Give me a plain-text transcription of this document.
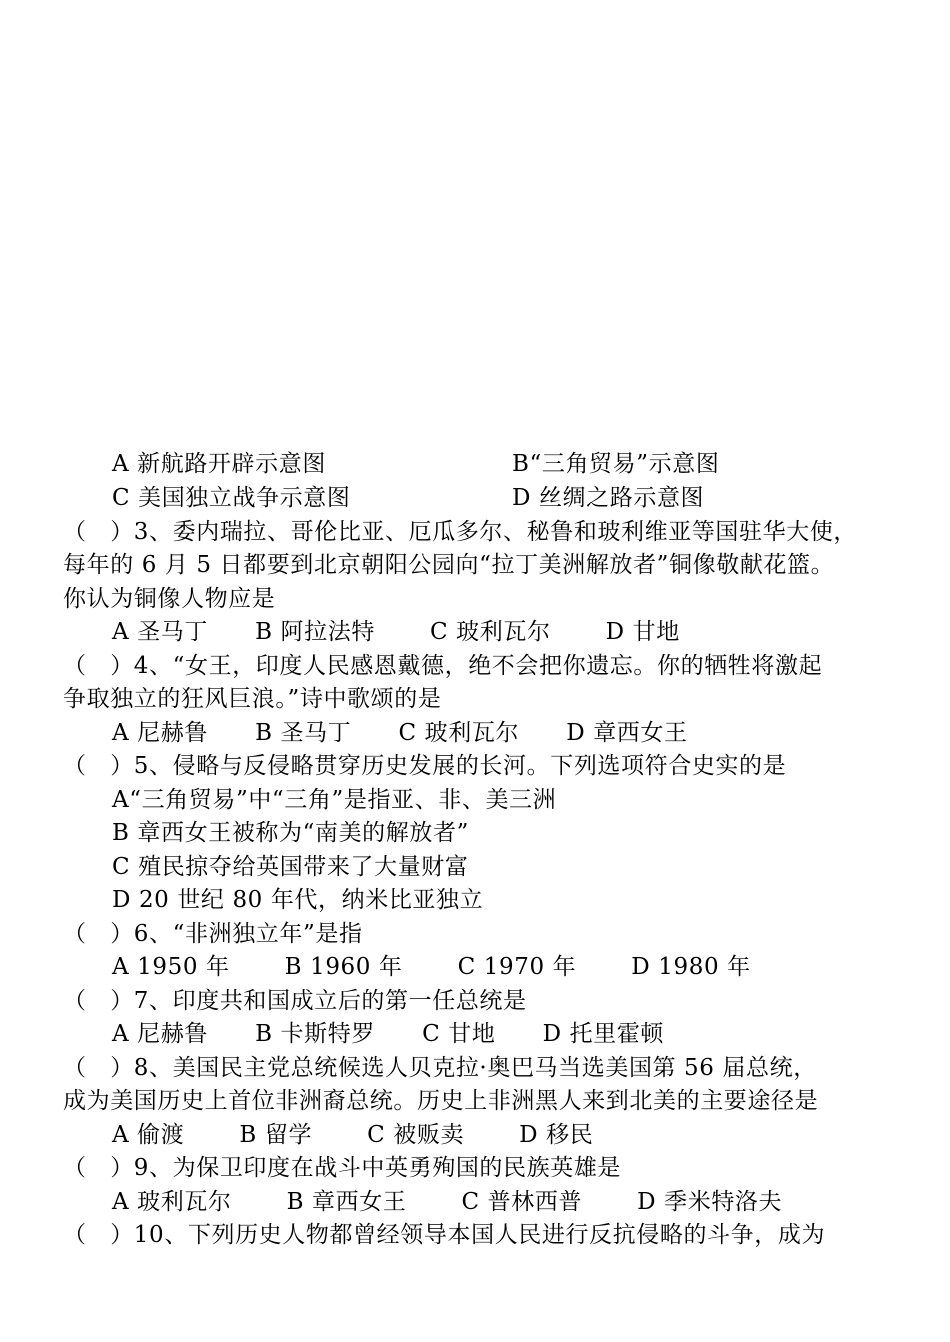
A 新航路开辟示意图	B“三角贸易”示意图
C 美国独立战争示意图	D 丝绸之路示意图
（　）3、委内瑞拉、哥伦比亚、厄瓜多尔、秘鲁和玻利维亚等国驻华大使，
每年的 6 月 5 日都要到北京朝阳公园向“拉丁美洲解放者”铜像敬献花篮。
你认为铜像人物应是
A 圣马丁　　B 阿拉法特　　 C 玻利瓦尔　　 D 甘地
（　）4、“女王，印度人民感恩戴德，绝不会把你遗忘。你的牺牲将激起
争取独立的狂风巨浪。”诗中歌颂的是
A 尼赫鲁　　B 圣马丁　　C 玻利瓦尔　　D 章西女王
（　）5、侵略与反侵略贯穿历史发展的长河。下列选项符合史实的是
A“三角贸易”中“三角”是指亚、非、美三洲
B 章西女王被称为“南美的解放者”
C 殖民掠夺给英国带来了大量财富
D 20 世纪 80 年代，纳米比亚独立
（　）6、“非洲独立年”是指
A 1950 年　　 B 1960 年　　 C 1970 年　　 D 1980 年
（　）7、印度共和国成立后的第一任总统是
A 尼赫鲁　　B 卡斯特罗　　C 甘地　　D 托里霍顿
（　）8、美国民主党总统候选人贝克拉·奥巴马当选美国第 56 届总统，
成为美国历史上首位非洲裔总统。历史上非洲黑人来到北美的主要途径是
A 偷渡　　 B 留学　　 C 被贩卖　　 D 移民
（　）9、为保卫印度在战斗中英勇殉国的民族英雄是
A 玻利瓦尔　　 B 章西女王　　 C 普林西普　　 D 季米特洛夫
（　）10、下列历史人物都曾经领导本国人民进行反抗侵略的斗争，成为
